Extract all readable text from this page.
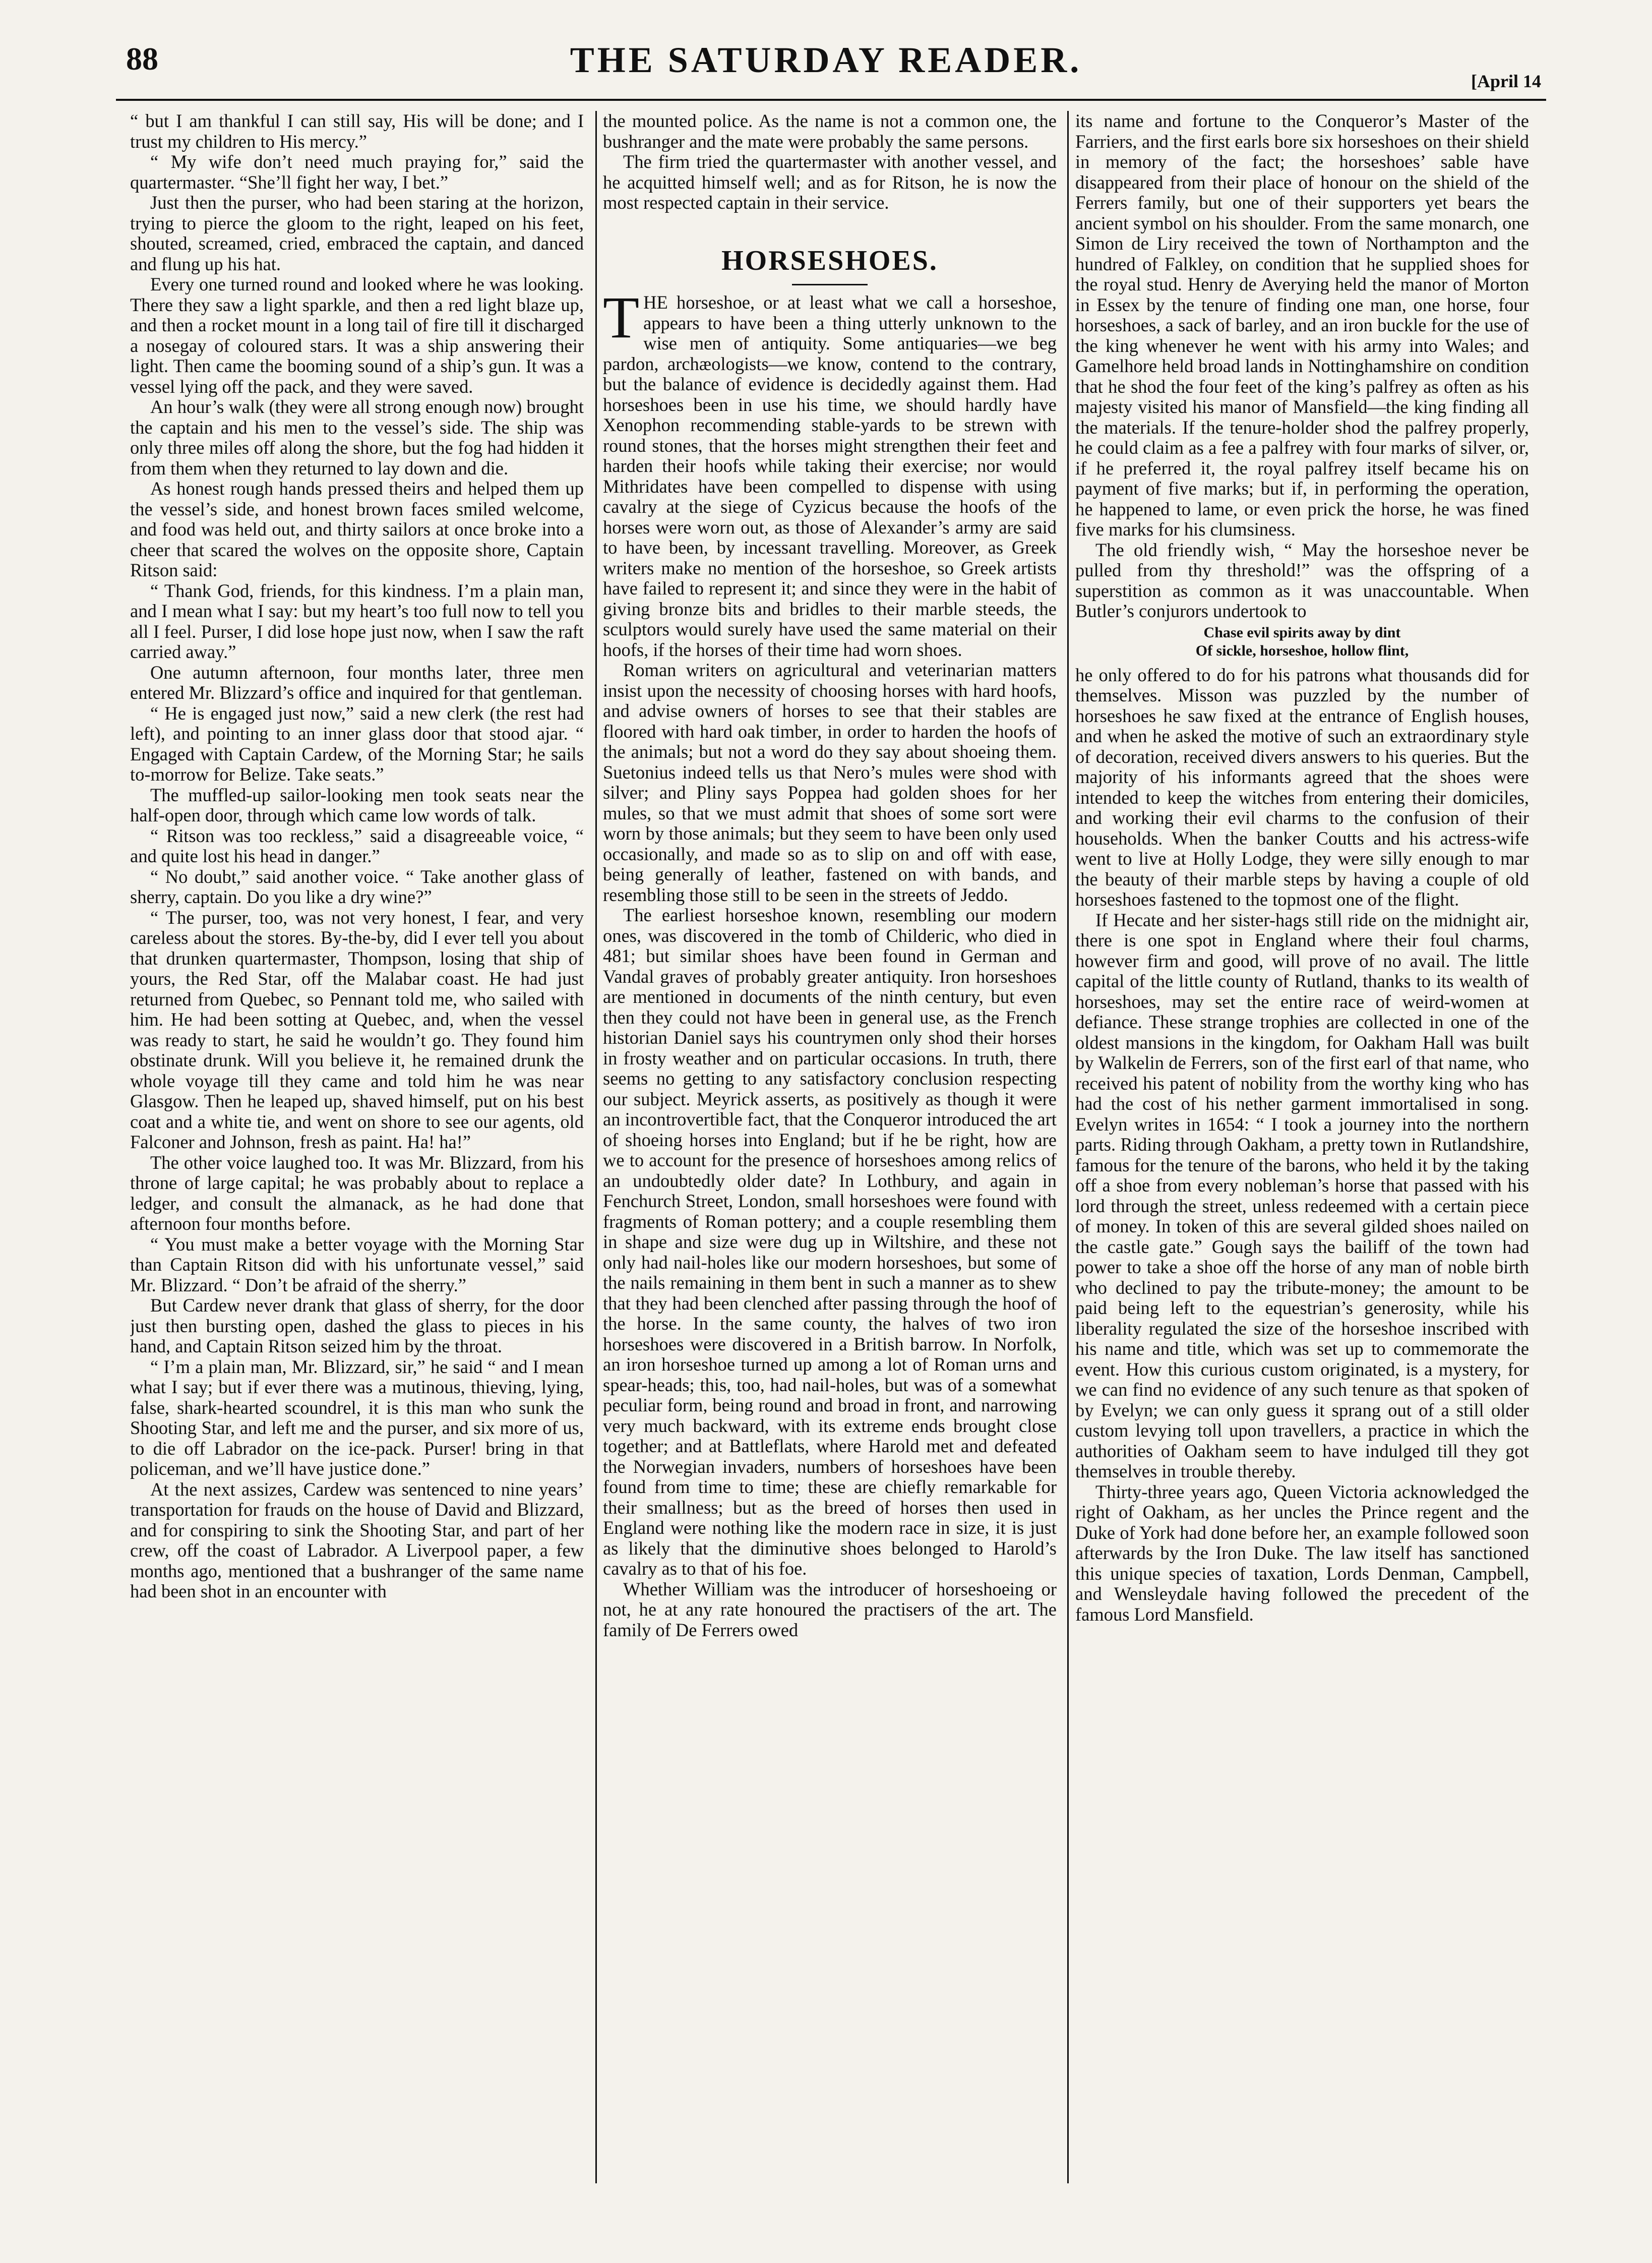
88	THE SATURDAY READER.
[April 14

“ but I am thankful I can still say, His will be done; and I trust my children to His mercy.”

“ My wife don’t need much praying for,” said the quartermaster. “She’ll fight her way, I bet.”

Just then the purser, who had been staring at the horizon, trying to pierce the gloom to the right, leaped on his feet, shouted, screamed, cried, embraced the captain, and danced and flung up his hat.

Every one turned round and looked where he was looking. There they saw a light sparkle, and then a red light blaze up, and then a rocket mount in a long tail of fire till it discharged a nosegay of coloured stars. It was a ship answering their light. Then came the booming sound of a ship’s gun. It was a vessel lying off the pack, and they were saved.

An hour’s walk (they were all strong enough now) brought the captain and his men to the vessel’s side. The ship was only three miles off along the shore, but the fog had hidden it from them when they returned to lay down and die.

As honest rough hands pressed theirs and helped them up the vessel’s side, and honest brown faces smiled welcome, and food was held out, and thirty sailors at once broke into a cheer that scared the wolves on the opposite shore, Captain Ritson said:

“ Thank God, friends, for this kindness. I’m a plain man, and I mean what I say: but my heart’s too full now to tell you all I feel. Purser, I did lose hope just now, when I saw the raft carried away.”

One autumn afternoon, four months later, three men entered Mr. Blizzard’s office and inquired for that gentleman.

“ He is engaged just now,” said a new clerk (the rest had left), and pointing to an inner glass door that stood ajar. “ Engaged with Captain Cardew, of the Morning Star; he sails to-morrow for Belize. Take seats.”

The muffled-up sailor-looking men took seats near the half-open door, through which came low words of talk.

“ Ritson was too reckless,” said a disagreeable voice, “ and quite lost his head in danger.”

“ No doubt,” said another voice. “ Take another glass of sherry, captain. Do you like a dry wine?”

“ The purser, too, was not very honest, I fear, and very careless about the stores. By-the-by, did I ever tell you about that drunken quartermaster, Thompson, losing that ship of yours, the Red Star, off the Malabar coast. He had just returned from Quebec, so Pennant told me, who sailed with him. He had been sotting at Quebec, and, when the vessel was ready to start, he said he wouldn’t go. They found him obstinate drunk. Will you believe it, he remained drunk the whole voyage till they came and told him he was near Glasgow. Then he leaped up, shaved himself, put on his best coat and a white tie, and went on shore to see our agents, old Falconer and Johnson, fresh as paint. Ha! ha!”

The other voice laughed too. It was Mr. Blizzard, from his throne of large capital; he was probably about to replace a ledger, and consult the almanack, as he had done that afternoon four months before.

“ You must make a better voyage with the Morning Star than Captain Ritson did with his unfortunate vessel,” said Mr. Blizzard. “ Don’t be afraid of the sherry.”

But Cardew never drank that glass of sherry, for the door just then bursting open, dashed the glass to pieces in his hand, and Captain Ritson seized him by the throat.

“ I’m a plain man, Mr. Blizzard, sir,” he said “ and I mean what I say; but if ever there was a mutinous, thieving, lying, false, shark-hearted scoundrel, it is this man who sunk the Shooting Star, and left me and the purser, and six more of us, to die off Labrador on the ice-pack. Purser! bring in that policeman, and we’ll have justice done.”

At the next assizes, Cardew was sentenced to nine years’ transportation for frauds on the house of David and Blizzard, and for conspiring to sink the Shooting Star, and part of her crew, off the coast of Labrador. A Liverpool paper, a few months ago, mentioned that a bushranger of the same name had been shot in an encounter with

the mounted police. As the name is not a common one, the bushranger and the mate were probably the same persons.

The firm tried the quartermaster with another vessel, and he acquitted himself well; and as for Ritson, he is now the most respected captain in their service.

HORSESHOES.

THE horseshoe, or at least what we call a horseshoe, appears to have been a thing utterly unknown to the wise men of antiquity. Some antiquaries—we beg pardon, archæologists—we know, contend to the contrary, but the balance of evidence is decidedly against them. Had horseshoes been in use his time, we should hardly have Xenophon recommending stable-yards to be strewn with round stones, that the horses might strengthen their feet and harden their hoofs while taking their exercise; nor would Mithridates have been compelled to dispense with using cavalry at the siege of Cyzicus because the hoofs of the horses were worn out, as those of Alexander’s army are said to have been, by incessant travelling. Moreover, as Greek writers make no mention of the horseshoe, so Greek artists have failed to represent it; and since they were in the habit of giving bronze bits and bridles to their marble steeds, the sculptors would surely have used the same material on their hoofs, if the horses of their time had worn shoes.

Roman writers on agricultural and veterinarian matters insist upon the necessity of choosing horses with hard hoofs, and advise owners of horses to see that their stables are floored with hard oak timber, in order to harden the hoofs of the animals; but not a word do they say about shoeing them. Suetonius indeed tells us that Nero’s mules were shod with silver; and Pliny says Poppea had golden shoes for her mules, so that we must admit that shoes of some sort were worn by those animals; but they seem to have been only used occasionally, and made so as to slip on and off with ease, being generally of leather, fastened on with bands, and resembling those still to be seen in the streets of Jeddo.

The earliest horseshoe known, resembling our modern ones, was discovered in the tomb of Childeric, who died in 481; but similar shoes have been found in German and Vandal graves of probably greater antiquity. Iron horseshoes are mentioned in documents of the ninth century, but even then they could not have been in general use, as the French historian Daniel says his countrymen only shod their horses in frosty weather and on particular occasions. In truth, there seems no getting to any satisfactory conclusion respecting our subject. Meyrick asserts, as positively as though it were an incontrovertible fact, that the Conqueror introduced the art of shoeing horses into England; but if he be right, how are we to account for the presence of horseshoes among relics of an undoubtedly older date? In Lothbury, and again in Fenchurch Street, London, small horseshoes were found with fragments of Roman pottery; and a couple resembling them in shape and size were dug up in Wiltshire, and these not only had nail-holes like our modern horseshoes, but some of the nails remaining in them bent in such a manner as to shew that they had been clenched after passing through the hoof of the horse. In the same county, the halves of two iron horseshoes were discovered in a British barrow. In Norfolk, an iron horseshoe turned up among a lot of Roman urns and spear-heads; this, too, had nail-holes, but was of a somewhat peculiar form, being round and broad in front, and narrowing very much backward, with its extreme ends brought close together; and at Battleflats, where Harold met and defeated the Norwegian invaders, numbers of horseshoes have been found from time to time; these are chiefly remarkable for their smallness; but as the breed of horses then used in England were nothing like the modern race in size, it is just as likely that the diminutive shoes belonged to Harold’s cavalry as to that of his foe.

Whether William was the introducer of horseshoeing or not, he at any rate honoured the practisers of the art. The family of De Ferrers owed

its name and fortune to the Conqueror’s Master of the Farriers, and the first earls bore six horseshoes on their shield in memory of the fact; the horseshoes’ sable have disappeared from their place of honour on the shield of the Ferrers family, but one of their supporters yet bears the ancient symbol on his shoulder. From the same monarch, one Simon de Liry received the town of Northampton and the hundred of Falkley, on condition that he supplied shoes for the royal stud. Henry de Averying held the manor of Morton in Essex by the tenure of finding one man, one horse, four horseshoes, a sack of barley, and an iron buckle for the use of the king whenever he went with his army into Wales; and Gamelhore held broad lands in Nottinghamshire on condition that he shod the four feet of the king’s palfrey as often as his majesty visited his manor of Mansfield—the king finding all the materials. If the tenure-holder shod the palfrey properly, he could claim as a fee a palfrey with four marks of silver, or, if he preferred it, the royal palfrey itself became his on payment of five marks; but if, in performing the operation, he happened to lame, or even prick the horse, he was fined five marks for his clumsiness.

The old friendly wish, “ May the horseshoe never be pulled from thy threshold!” was the offspring of a superstition as common as it was unaccountable. When Butler’s conjurors undertook to

Chase evil spirits away by dint
Of sickle, horseshoe, hollow flint,

he only offered to do for his patrons what thousands did for themselves. Misson was puzzled by the number of horseshoes he saw fixed at the entrance of English houses, and when he asked the motive of such an extraordinary style of decoration, received divers answers to his queries. But the majority of his informants agreed that the shoes were intended to keep the witches from entering their domiciles, and working their evil charms to the confusion of their households. When the banker Coutts and his actress-wife went to live at Holly Lodge, they were silly enough to mar the beauty of their marble steps by having a couple of old horseshoes fastened to the topmost one of the flight.

If Hecate and her sister-hags still ride on the midnight air, there is one spot in England where their foul charms, however firm and good, will prove of no avail. The little capital of the little county of Rutland, thanks to its wealth of horseshoes, may set the entire race of weird-women at defiance. These strange trophies are collected in one of the oldest mansions in the kingdom, for Oakham Hall was built by Walkelin de Ferrers, son of the first earl of that name, who received his patent of nobility from the worthy king who has had the cost of his nether garment immortalised in song. Evelyn writes in 1654: “ I took a journey into the northern parts. Riding through Oakham, a pretty town in Rutlandshire, famous for the tenure of the barons, who held it by the taking off a shoe from every nobleman’s horse that passed with his lord through the street, unless redeemed with a certain piece of money. In token of this are several gilded shoes nailed on the castle gate.” Gough says the bailiff of the town had power to take a shoe off the horse of any man of noble birth who declined to pay the tribute-money; the amount to be paid being left to the equestrian’s generosity, while his liberality regulated the size of the horseshoe inscribed with his name and title, which was set up to commemorate the event. How this curious custom originated, is a mystery, for we can find no evidence of any such tenure as that spoken of by Evelyn; we can only guess it sprang out of a still older custom levying toll upon travellers, a practice in which the authorities of Oakham seem to have indulged till they got themselves in trouble thereby.

Thirty-three years ago, Queen Victoria acknowledged the right of Oakham, as her uncles the Prince regent and the Duke of York had done before her, an example followed soon afterwards by the Iron Duke. The law itself has sanctioned this unique species of taxation, Lords Denman, Campbell, and Wensleydale having followed the precedent of the famous Lord Mansfield.
